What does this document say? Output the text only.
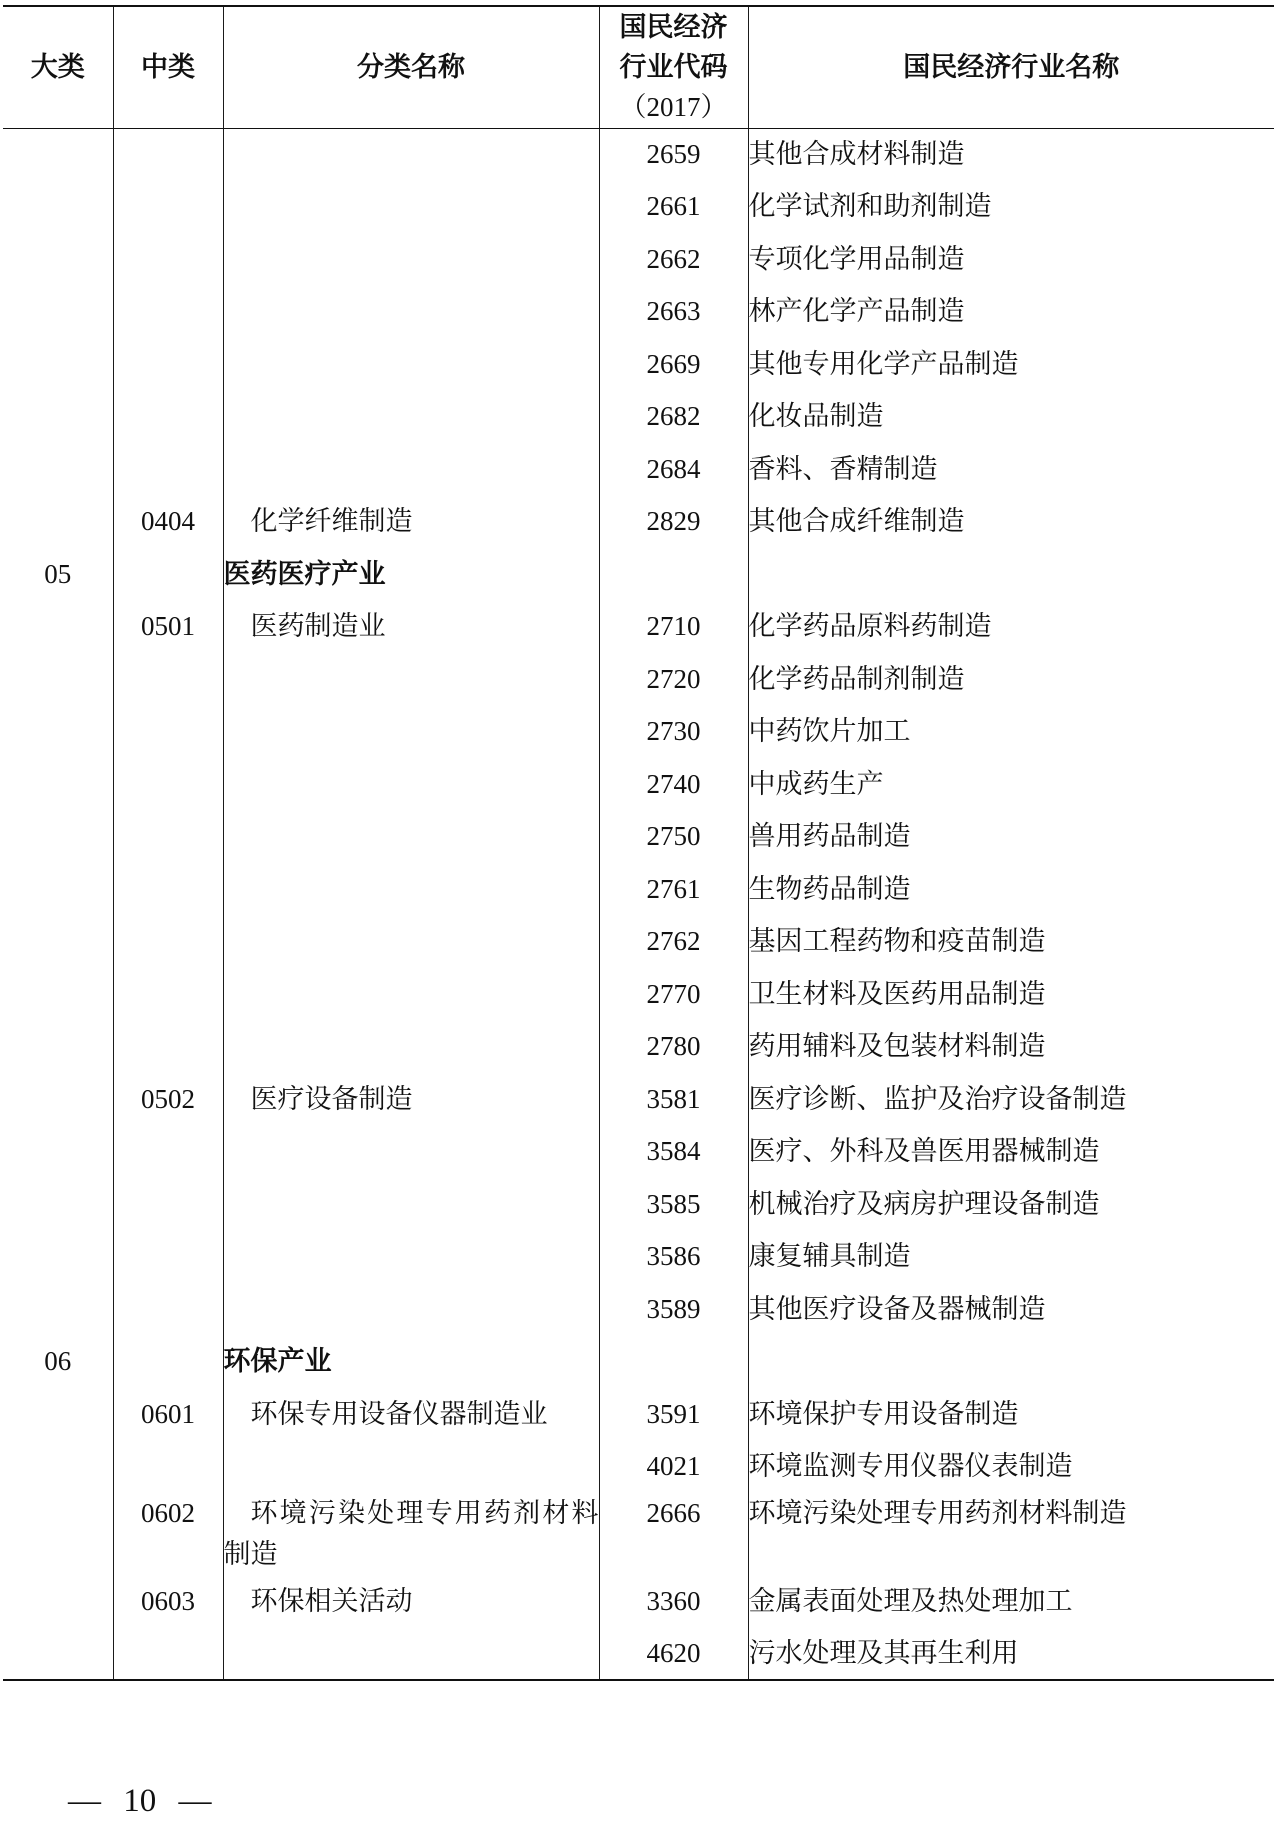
大类	中类	分类名称	国民经济
行业代码
（2017）	国民经济行业名称
			2659	其他合成材料制造
			2661	化学试剂和助剂制造
			2662	专项化学用品制造
			2663	林产化学产品制造
			2669	其他专用化学产品制造
			2682	化妆品制造
			2684	香料、香精制造
	0404	化学纤维制造	2829	其他合成纤维制造
05		医药医疗产业		
	0501	医药制造业	2710	化学药品原料药制造
			2720	化学药品制剂制造
			2730	中药饮片加工
			2740	中成药生产
			2750	兽用药品制造
			2761	生物药品制造
			2762	基因工程药物和疫苗制造
			2770	卫生材料及医药用品制造
			2780	药用辅料及包装材料制造
	0502	医疗设备制造	3581	医疗诊断、监护及治疗设备制造
			3584	医疗、外科及兽医用器械制造
			3585	机械治疗及病房护理设备制造
			3586	康复辅具制造
			3589	其他医疗设备及器械制造
06		环保产业		
	0601	环保专用设备仪器制造业	3591	环境保护专用设备制造
			4021	环境监测专用仪器仪表制造
	0602	环境污染处理专用药剂材料制造	2666	环境污染处理专用药剂材料制造
	0603	环保相关活动	3360	金属表面处理及热处理加工
			4620	污水处理及其再生利用
— 10 —
